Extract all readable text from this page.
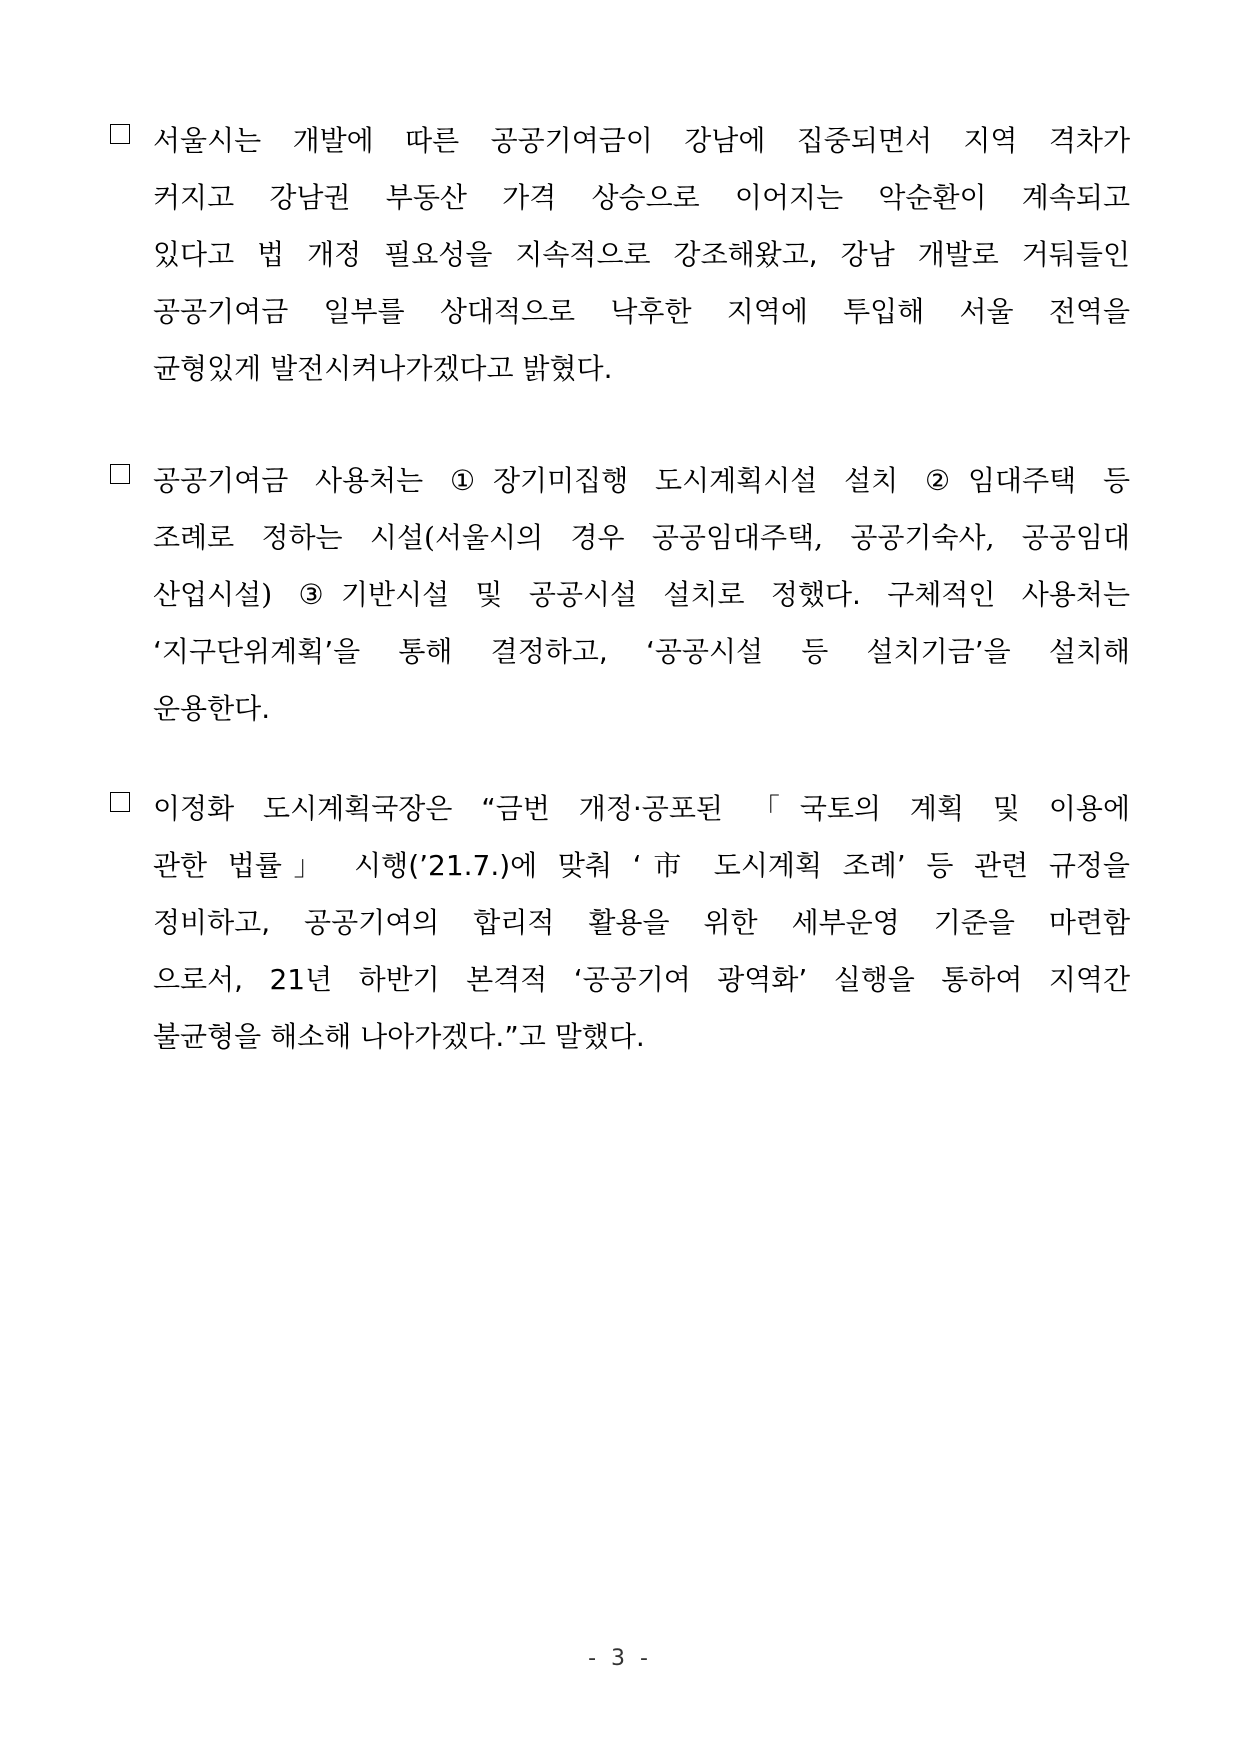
서울시는 개발에 따른 공공기여금이 강남에 집중되면서 지역 격차가
커지고 강남권 부동산 가격 상승으로 이어지는 악순환이 계속되고
있다고 법 개정 필요성을 지속적으로 강조해왔고, 강남 개발로 거둬들인
공공기여금 일부를 상대적으로 낙후한 지역에 투입해 서울 전역을
균형있게 발전시켜나가겠다고 밝혔다.
공공기여금 사용처는 ①장기미집행 도시계획시설 설치 ②임대주택 등
조례로 정하는 시설(서울시의 경우 공공임대주택, 공공기숙사, 공공임대
산업시설) ③기반시설 및 공공시설 설치로 정했다. 구체적인 사용처는
‘지구단위계획’을 통해 결정하고, ‘공공시설 등 설치기금’을 설치해
운용한다.
이정화 도시계획국장은 “금번 개정·공포된 「국토의 계획 및 이용에
관한 법률」 시행(’21.7.)에 맞춰 ‘市 도시계획 조례’ 등 관련 규정을
정비하고, 공공기여의 합리적 활용을 위한 세부운영 기준을 마련함
으로서, 21년 하반기 본격적 ‘공공기여 광역화’ 실행을 통하여 지역간
불균형을 해소해 나아가겠다.”고 말했다.
- 3 -
